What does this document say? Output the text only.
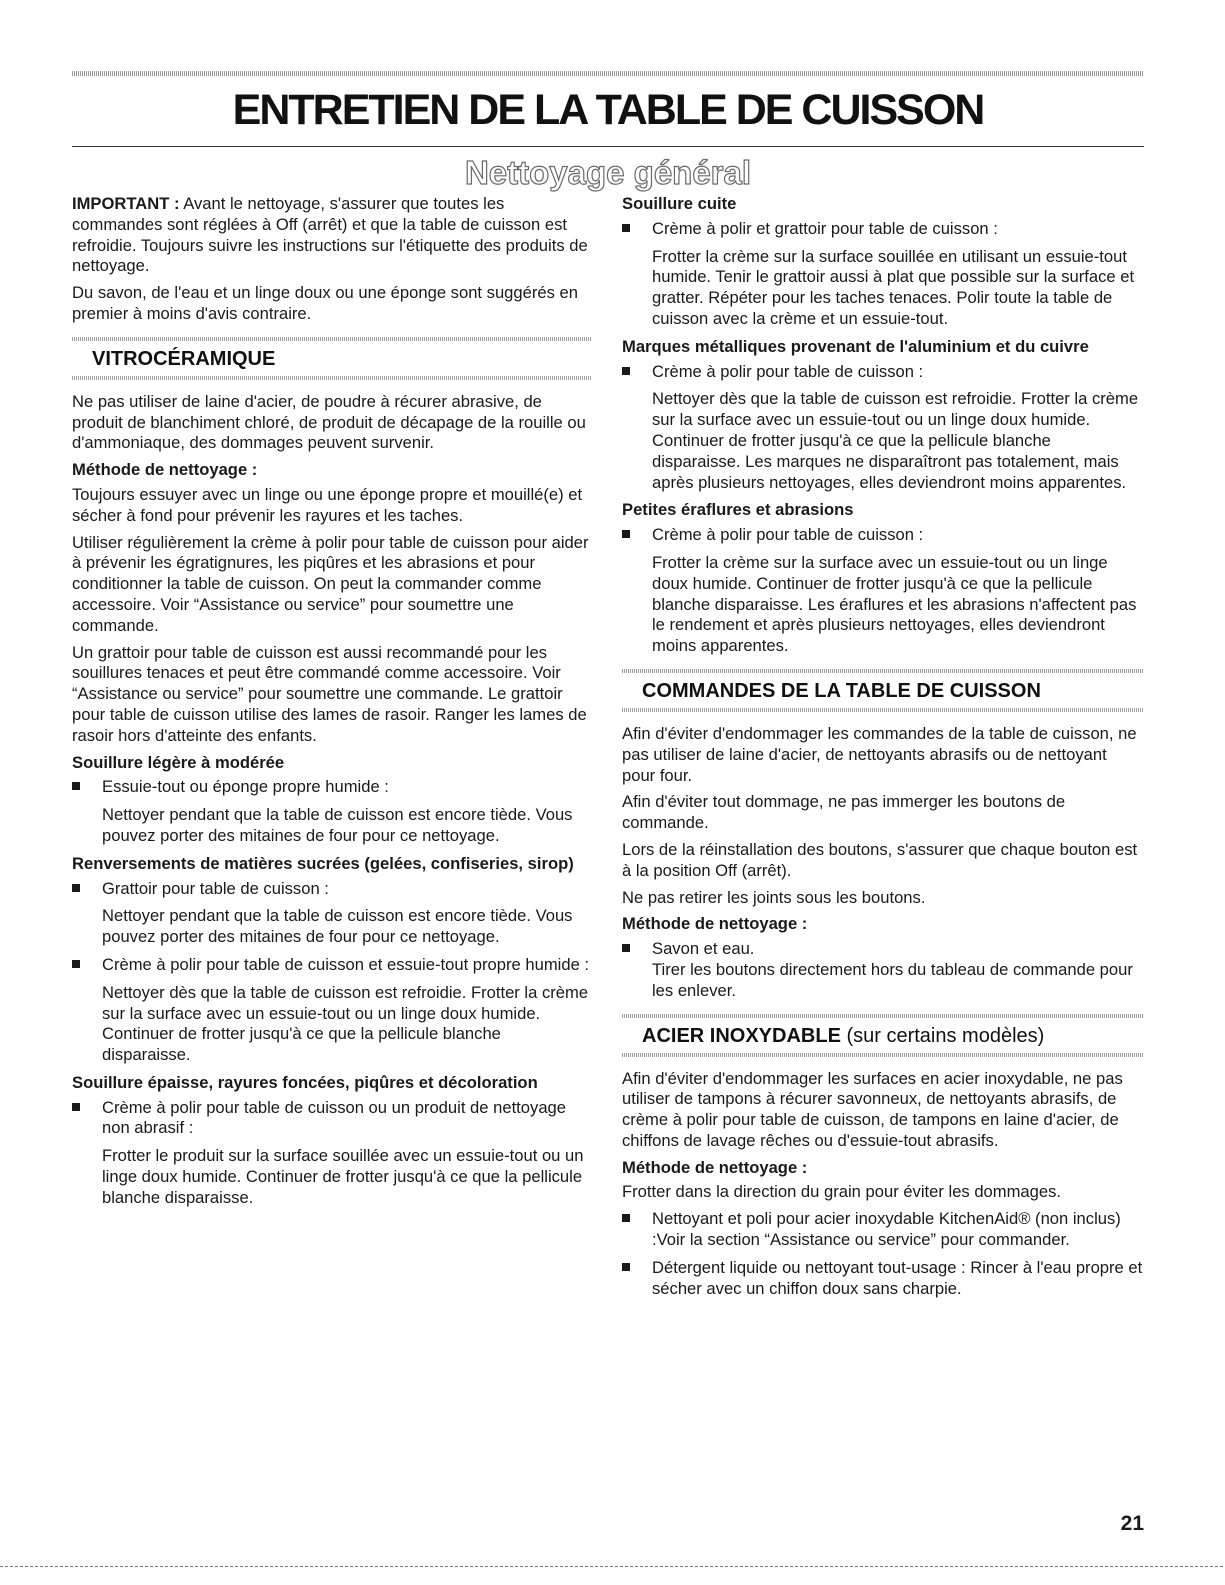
ENTRETIEN DE LA TABLE DE CUISSON
Nettoyage général

IMPORTANT : Avant le nettoyage, s'assurer que toutes les commandes sont réglées à Off (arrêt) et que la table de cuisson est refroidie. Toujours suivre les instructions sur l'étiquette des produits de nettoyage.

Du savon, de l'eau et un linge doux ou une éponge sont suggérés en premier à moins d'avis contraire.

VITROCÉRAMIQUE

Ne pas utiliser de laine d'acier, de poudre à récurer abrasive, de produit de blanchiment chloré, de produit de décapage de la rouille ou d'ammoniaque, des dommages peuvent survenir.

Méthode de nettoyage :

Toujours essuyer avec un linge ou une éponge propre et mouillé(e) et sécher à fond pour prévenir les rayures et les taches.

Utiliser régulièrement la crème à polir pour table de cuisson pour aider à prévenir les égratignures, les piqûres et les abrasions et pour conditionner la table de cuisson. On peut la commander comme accessoire. Voir “Assistance ou service” pour soumettre une commande.

Un grattoir pour table de cuisson est aussi recommandé pour les souillures tenaces et peut être commandé comme accessoire. Voir “Assistance ou service” pour soumettre une commande. Le grattoir pour table de cuisson utilise des lames de rasoir. Ranger les lames de rasoir hors d'atteinte des enfants.

Souillure légère à modérée
Essuie-tout ou éponge propre humide :

Nettoyer pendant que la table de cuisson est encore tiède. Vous pouvez porter des mitaines de four pour ce nettoyage.

Renversements de matières sucrées (gelées, confiseries, sirop)
Grattoir pour table de cuisson :

Nettoyer pendant que la table de cuisson est encore tiède. Vous pouvez porter des mitaines de four pour ce nettoyage.

Crème à polir pour table de cuisson et essuie-tout propre humide :

Nettoyer dès que la table de cuisson est refroidie. Frotter la crème sur la surface avec un essuie-tout ou un linge doux humide. Continuer de frotter jusqu'à ce que la pellicule blanche disparaisse.

Souillure épaisse, rayures foncées, piqûres et décoloration
Crème à polir pour table de cuisson ou un produit de nettoyage non abrasif :

Frotter le produit sur la surface souillée avec un essuie-tout ou un linge doux humide. Continuer de frotter jusqu'à ce que la pellicule blanche disparaisse.

Souillure cuite
Crème à polir et grattoir pour table de cuisson :

Frotter la crème sur la surface souillée en utilisant un essuie-tout humide. Tenir le grattoir aussi à plat que possible sur la surface et gratter. Répéter pour les taches tenaces. Polir toute la table de cuisson avec la crème et un essuie-tout.

Marques métalliques provenant de l'aluminium et du cuivre
Crème à polir pour table de cuisson :

Nettoyer dès que la table de cuisson est refroidie. Frotter la crème sur la surface avec un essuie-tout ou un linge doux humide. Continuer de frotter jusqu'à ce que la pellicule blanche disparaisse. Les marques ne disparaîtront pas totalement, mais après plusieurs nettoyages, elles deviendront moins apparentes.

Petites éraflures et abrasions
Crème à polir pour table de cuisson :

Frotter la crème sur la surface avec un essuie-tout ou un linge doux humide. Continuer de frotter jusqu'à ce que la pellicule blanche disparaisse. Les éraflures et les abrasions n'affectent pas le rendement et après plusieurs nettoyages, elles deviendront moins apparentes.

COMMANDES DE LA TABLE DE CUISSON

Afin d'éviter d'endommager les commandes de la table de cuisson, ne pas utiliser de laine d'acier, de nettoyants abrasifs ou de nettoyant pour four.

Afin d'éviter tout dommage, ne pas immerger les boutons de commande.

Lors de la réinstallation des boutons, s'assurer que chaque bouton est à la position Off (arrêt).

Ne pas retirer les joints sous les boutons.

Méthode de nettoyage :
Savon et eau.
Tirer les boutons directement hors du tableau de commande pour les enlever.
ACIER INOXYDABLE (sur certains modèles)

Afin d'éviter d'endommager les surfaces en acier inoxydable, ne pas utiliser de tampons à récurer savonneux, de nettoyants abrasifs, de crème à polir pour table de cuisson, de tampons en laine d'acier, de chiffons de lavage rêches ou d'essuie-tout abrasifs.

Méthode de nettoyage :

Frotter dans la direction du grain pour éviter les dommages.

Nettoyant et poli pour acier inoxydable KitchenAid® (non inclus) :Voir la section “Assistance ou service” pour commander.
Détergent liquide ou nettoyant tout-usage : Rincer à l'eau propre et sécher avec un chiffon doux sans charpie.
21
